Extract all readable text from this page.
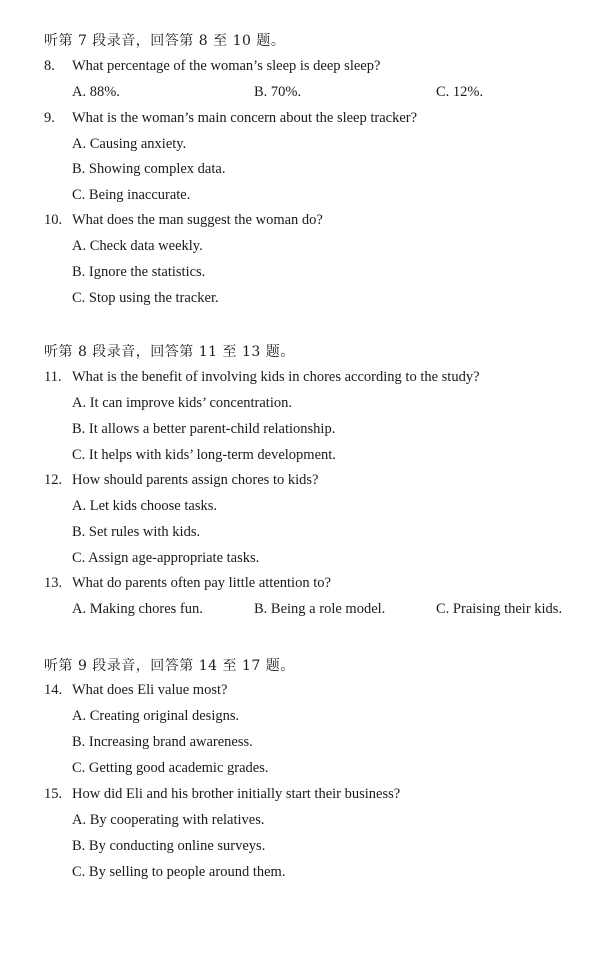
听第 7 段录音，回答第 8 至 10 题。
8. What percentage of the woman’s sleep is deep sleep?
A. 88%.	B. 70%.	C. 12%.
9. What is the woman’s main concern about the sleep tracker?
A. Causing anxiety.
B. Showing complex data.
C. Being inaccurate.
10. What does the man suggest the woman do?
A. Check data weekly.
B. Ignore the statistics.
C. Stop using the tracker.
听第 8 段录音，回答第 11 至 13 题。
11. What is the benefit of involving kids in chores according to the study?
A. It can improve kids’ concentration.
B. It allows a better parent-child relationship.
C. It helps with kids’ long-term development.
12. How should parents assign chores to kids?
A. Let kids choose tasks.
B. Set rules with kids.
C. Assign age-appropriate tasks.
13. What do parents often pay little attention to?
A. Making chores fun.	B. Being a role model.	C. Praising their kids.
听第 9 段录音，回答第 14 至 17 题。
14. What does Eli value most?
A. Creating original designs.
B. Increasing brand awareness.
C. Getting good academic grades.
15. How did Eli and his brother initially start their business?
A. By cooperating with relatives.
B. By conducting online surveys.
C. By selling to people around them.
